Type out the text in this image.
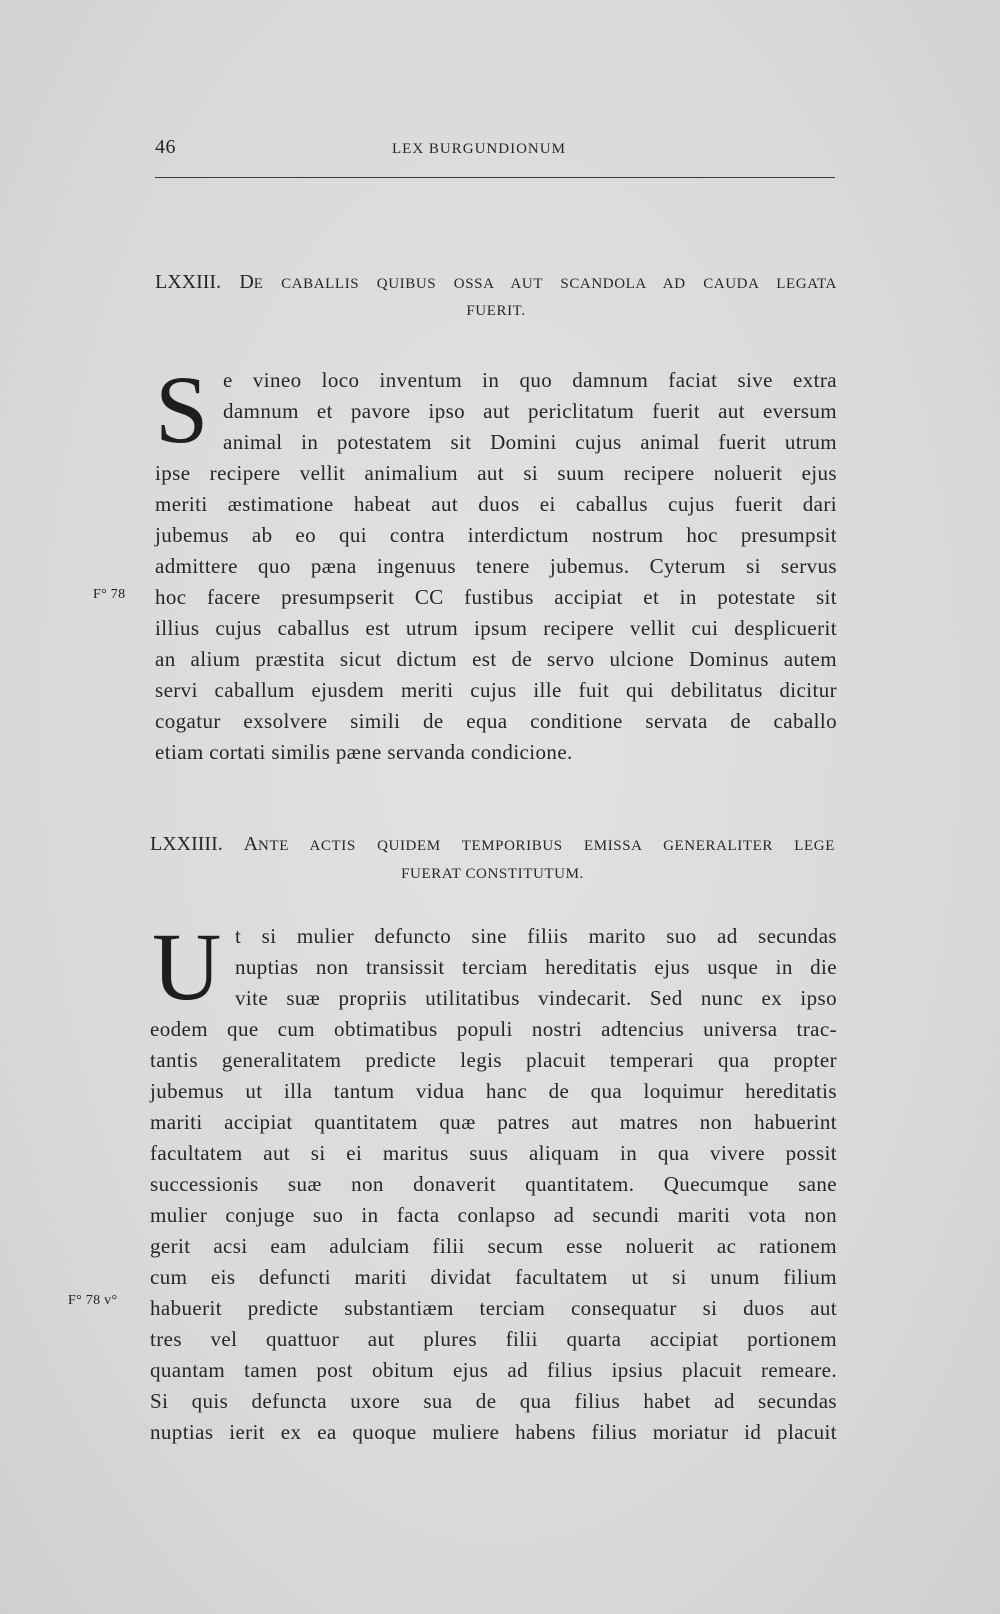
46	LEX BURGUNDIONUM
LXXIII. DE CABALLIS QUIBUS OSSA AUT SCANDOLA AD CAUDA LEGATA
FUERIT.
S e vineo loco inventum in quo damnum faciat sive extra
damnum et pavore ipso aut periclitatum fuerit aut eversum
animal in potestatem sit Domini cujus animal fuerit utrum
ipse recipere vellit animalium aut si suum recipere noluerit ejus
meriti æstimatione habeat aut duos ei caballus cujus fuerit dari
jubemus ab eo qui contra interdictum nostrum hoc presumpsit
admittere quo pæna ingenuus tenere jubemus. Cyterum si servus
hoc facere presumpserit CC fustibus accipiat et in potestate sit
illius cujus caballus est utrum ipsum recipere vellit cui desplicuerit
an alium præstita sicut dictum est de servo ulcione Dominus autem
servi caballum ejusdem meriti cujus ille fuit qui debilitatus dicitur
cogatur exsolvere simili de equa conditione servata de caballo
etiam cortati similis pæne servanda condicione.
F° 78
LXXIIII. ANTE ACTIS QUIDEM TEMPORIBUS EMISSA GENERALITER LEGE
FUERAT CONSTITUTUM.
U t si mulier defuncto sine filiis marito suo ad secundas
nuptias non transissit terciam hereditatis ejus usque in die
vite suæ propriis utilitatibus vindecarit. Sed nunc ex ipso
eodem que cum obtimatibus populi nostri adtencius universa trac-
tantis generalitatem predicte legis placuit temperari qua propter
jubemus ut illa tantum vidua hanc de qua loquimur hereditatis
mariti accipiat quantitatem quæ patres aut matres non habuerint
facultatem aut si ei maritus suus aliquam in qua vivere possit
successionis suæ non donaverit quantitatem. Quecumque sane
mulier conjuge suo in facta conlapso ad secundi mariti vota non
gerit acsi eam adulciam filii secum esse noluerit ac rationem
cum eis defuncti mariti dividat facultatem ut si unum filium
habuerit predicte substantiæm terciam consequatur si duos aut
tres vel quattuor aut plures filii quarta accipiat portionem
quantam tamen post obitum ejus ad filius ipsius placuit remeare.
Si quis defuncta uxore sua de qua filius habet ad secundas
nuptias ierit ex ea quoque muliere habens filius moriatur id placuit
F° 78 v°
